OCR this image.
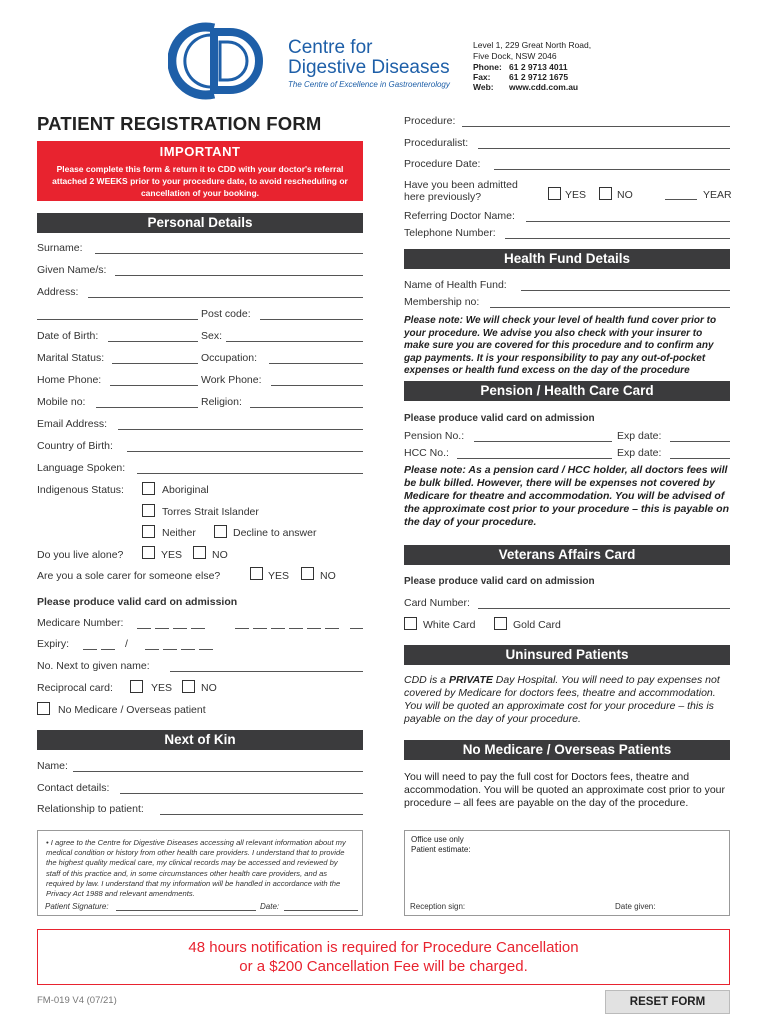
Centre for
Digestive Diseases
The Centre of Excellence in Gastroenterology
Level 1, 229 Great North Road,
Five Dock, NSW 2046
Phone: 61 2 9713 4011
Fax: 61 2 9712 1675
Web: www.cdd.com.au
PATIENT REGISTRATION FORM
IMPORTANT
Please complete this form & return it to CDD with your doctor's referral attached 2 WEEKS prior to your procedure date, to avoid rescheduling or cancellation of your booking.
Procedure:
Proceduralist:
Procedure Date:
Have you been admitted
here previously?	YES	NO	YEAR
Referring Doctor Name:
Telephone Number:
Personal Details
Surname:
Given Name/s:
Address:
Post code:
Date of Birth:	Sex:
Marital Status:	Occupation:
Home Phone:	Work Phone:
Mobile no:	Religion:
Email Address:
Country of Birth:
Language Spoken:
Indigenous Status:	Aboriginal
Torres Strait Islander
Neither	Decline to answer
Do you live alone?	YES	NO
Are you a sole carer for someone else?	YES	NO
Please produce valid card on admission
Medicare Number:
Expiry:	/
No. Next to given name:
Reciprocal card:	YES	NO
No Medicare / Overseas patient
Next of Kin
Name:
Contact details:
Relationship to patient:
• I agree to the Centre for Digestive Diseases accessing all relevant information about my medical condition or history from other health care providers. I understand that to provide the highest quality medical care, my clinical records may be accessed and reviewed by staff of this practice and, in some circumstances other health care providers, and as required by law. I understand that my information will be handled in accordance with the Privacy Act 1988 and relevant amendments.
Patient Signature:	Date:
Health Fund Details
Name of Health Fund:
Membership no:
Please note: We will check your level of health fund cover prior to your procedure. We advise you also check with your insurer to make sure you are covered for this procedure and to confirm any gap payments. It is your responsibility to pay any out-of-pocket expenses or health fund excess on the day of the procedure
Pension / Health Care Card
Please produce valid card on admission
Pension No.:	Exp date:
HCC No.:	Exp date:
Please note: As a pension card / HCC holder, all doctors fees will be bulk billed. However, there will be expenses not covered by Medicare for theatre and accommodation. You will be advised of the approximate cost prior to your procedure – this is payable on the day of your procedure.
Veterans Affairs Card
Please produce valid card on admission
Card Number:
White Card	Gold Card
Uninsured Patients
CDD is a PRIVATE Day Hospital. You will need to pay expenses not covered by Medicare for doctors fees, theatre and accommodation. You will be quoted an approximate cost for your procedure – this is payable on the day of your procedure.
No Medicare / Overseas Patients
You will need to pay the full cost for Doctors fees, theatre and accommodation. You will be quoted an approximate cost prior to your procedure – all fees are payable on the day of the procedure.
Office use only
Patient estimate:
Reception sign:	Date given:
48 hours notification is required for Procedure Cancellation
or a $200 Cancellation Fee will be charged.
FM-019 V4 (07/21)	RESET FORM
